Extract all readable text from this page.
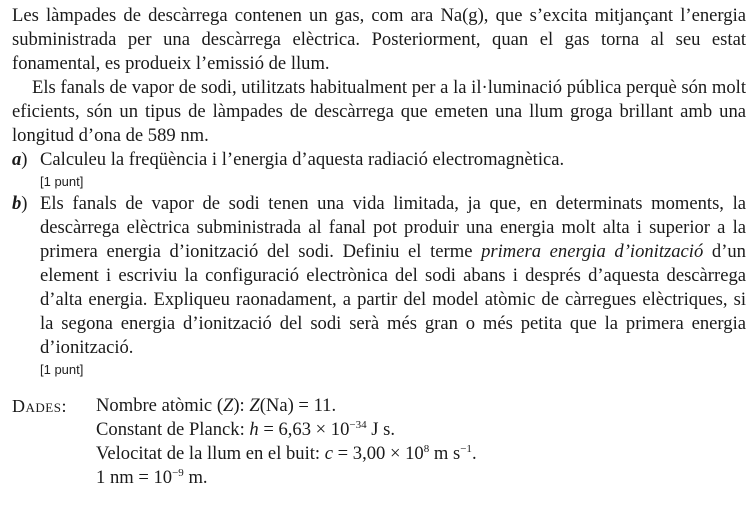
Les làmpades de descàrrega contenen un gas, com ara Na(g), que s’excita mitjançant l’energia subministrada per una descàrrega elèctrica. Posteriorment, quan el gas torna al seu estat fonamental, es produeix l’emissió de llum.

Els fanals de vapor de sodi, utilitzats habitualment per a la il·luminació pública perquè són molt eficients, són un tipus de làmpades de descàrrega que emeten una llum groga brillant amb una longitud d’ona de 589 nm.

a) Calculeu la freqüència i l’energia d’aquesta radiació electromagnètica.

[1 punt]

b) Els fanals de vapor de sodi tenen una vida limitada, ja que, en determinats moments, la descàrrega elèctrica subministrada al fanal pot produir una energia molt alta i superior a la primera energia d’ionització del sodi. Definiu el terme primera energia d’ionització d’un element i escriviu la configuració electrònica del sodi abans i després d’aquesta descàrrega d’alta energia. Expliqueu raonadament, a partir del model atòmic de càrregues elèctriques, si la segona energia d’ionització del sodi serà més gran o més petita que la primera energia d’ionització.

[1 punt]

Dades:	Nombre atòmic (Z): Z(Na) = 11.
Constant de Planck: $h = 6,63 \times 10^{-34}$ J s.
Velocitat de la llum en el buit: $c = 3,00 \times 10^8$ m $s^{-1}$.
1 nm = $10^{-9}$ m.
